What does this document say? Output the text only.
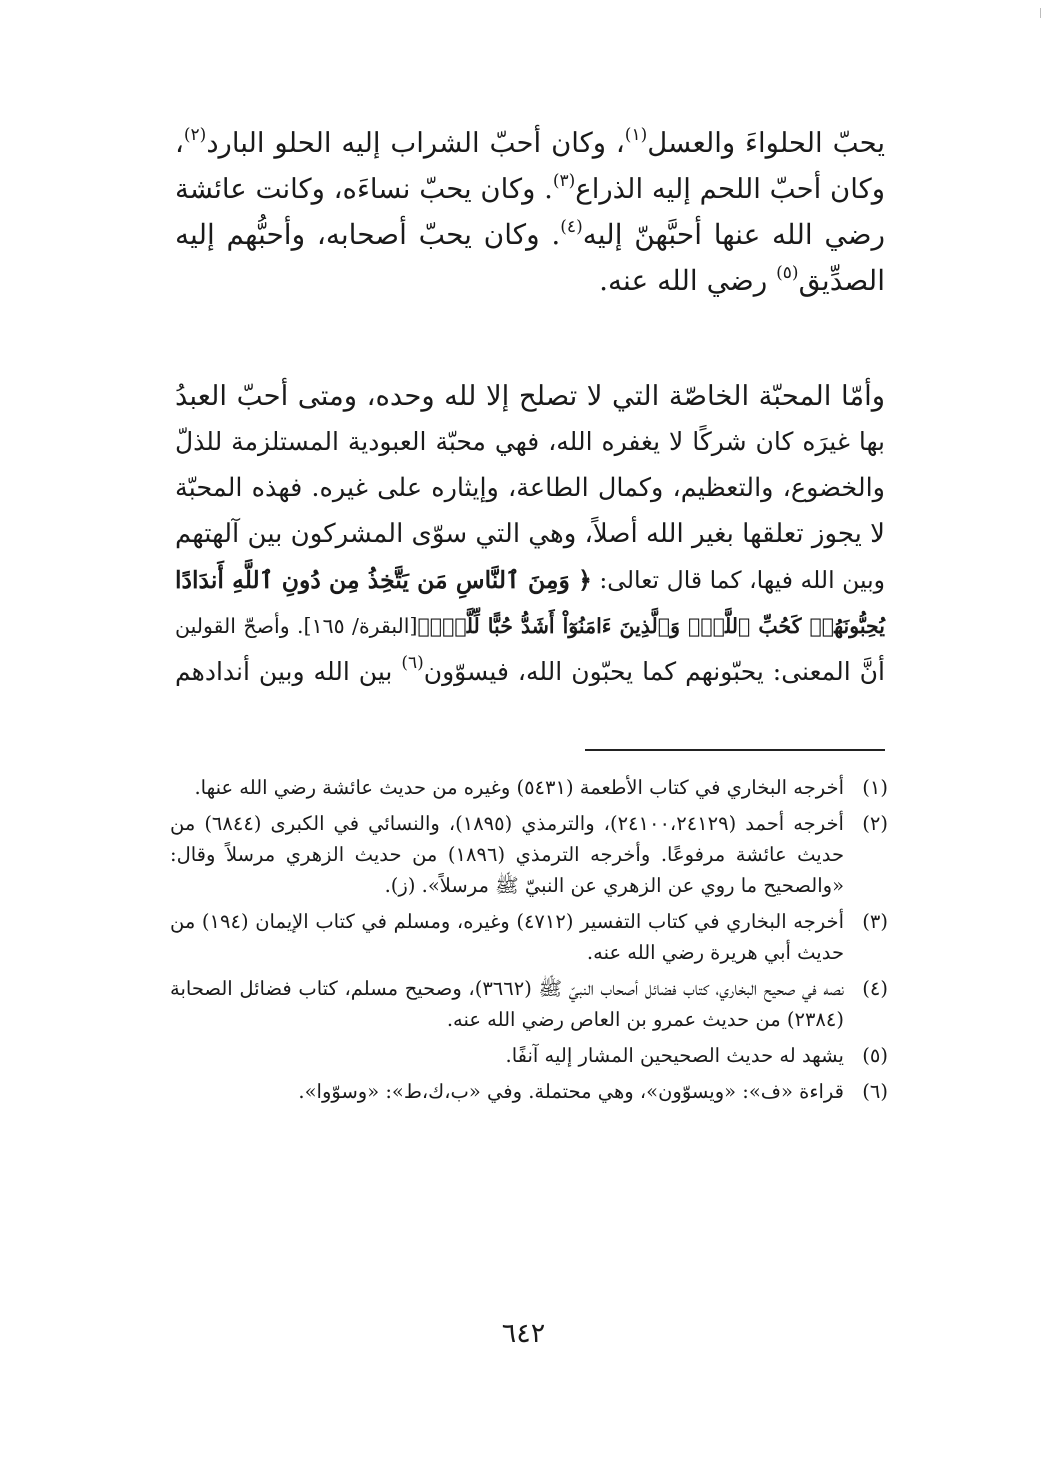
يحبّ الحلواءَ والعسل$^{(١)}$، وكان أحبّ الشراب إليه الحلو البارد$^{(٢)}$،
وكان أحبّ اللحم إليه الذراع$^{(٣)}$. وكان يحبّ نساءَه، وكانت عائشة
رضي الله عنها أحبَّهنّ إليه$^{(٤)}$. وكان يحبّ أصحابه، وأحبُّهم إليه
الصدِّيق$^{(٥)}$ رضي الله عنه.
وأمّا المحبّة الخاصّة التي لا تصلح إلا لله وحده، ومتى أحبّ العبدُ
بها غيرَه كان شركًا لا يغفره الله، فهي محبّة العبودية المستلزمة للذلّ
والخضوع، والتعظيم، وكمال الطاعة، وإيثاره على غيره. فهذه المحبّة
لا يجوز تعلقها بغير الله أصلاً، وهي التي سوّى المشركون بين آلهتهم
وبين الله فيها، كما قال تعالى: ﴿ وَمِنَ ٱلنَّاسِ مَن يَتَّخِذُ مِن دُونِ ٱللَّهِ أَندَادًا
يُحِبُّونَهُمۡ كَحُبِّ ٱللَّهِۖ وَٱلَّذِينَ ءَامَنُوٓاْ أَشَدُّ حُبًّا لِّلَّهِۗ﴾[البقرة/ ١٦٥]. وأصحّ القولين
أنَّ المعنى: يحبّونهم كما يحبّون الله، فيسوّون$^{(٦)}$ بين الله وبين أندادهم
(١)
أخرجه البخاري في كتاب الأطعمة (٥٤٣١) وغيره من حديث عائشة رضي الله عنها.
(٢)
أخرجه أحمد (٢٤١٠٠،٢٤١٢٩)، والترمذي (١٨٩٥)، والنسائي في الكبرى (٦٨٤٤) من حديث عائشة مرفوعًا. وأخرجه الترمذي (١٨٩٦) من حديث الزهري مرسلاً وقال: «والصحيح ما روي عن الزهري عن النبيّ ﷺ مرسلاً». (ز).
(٣)
أخرجه البخاري في كتاب التفسير (٤٧١٢) وغيره، ومسلم في كتاب الإيمان (١٩٤) من حديث أبي هريرة رضي الله عنه.
(٤)
نصه في صحيح البخاري، كتاب فضائل أصحاب النبيّ ﷺ (٣٦٦٢)، وصحيح مسلم، كتاب فضائل الصحابة (٢٣٨٤) من حديث عمرو بن العاص رضي الله عنه.
(٥)
يشهد له حديث الصحيحين المشار إليه آنفًا.
(٦)
قراءة «ف»: «ويسوّون»، وهي محتملة. وفي «ب،ك،ط»: «وسوّوا».
٦٤٢
